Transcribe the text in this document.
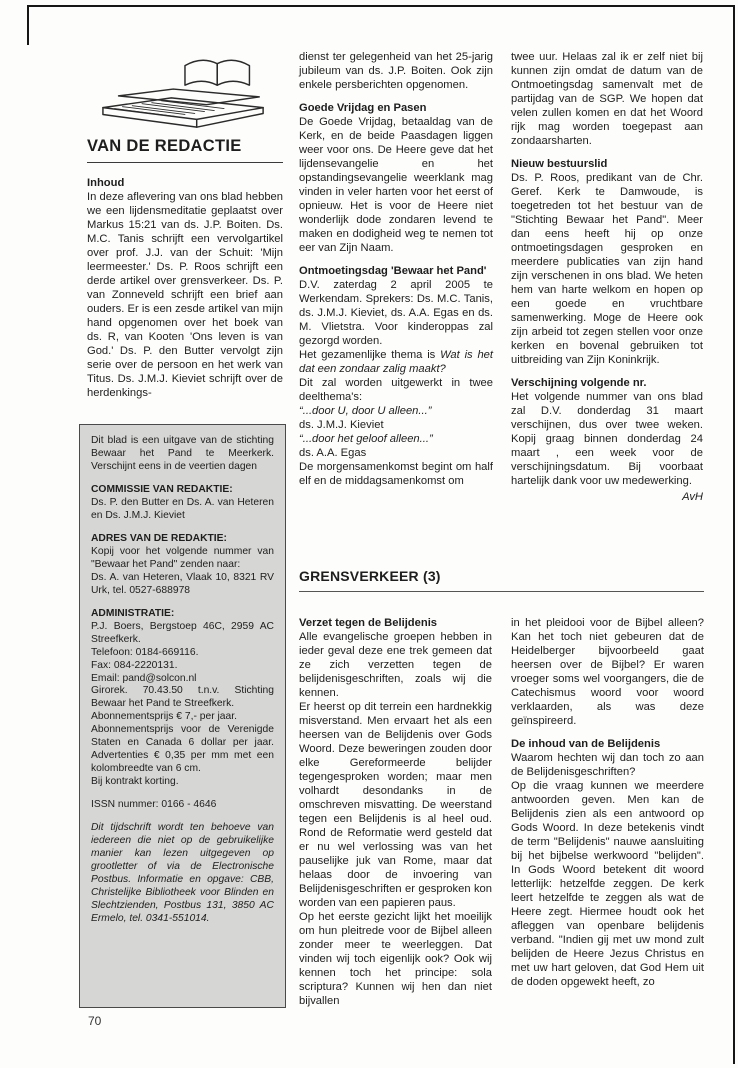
VAN DE REDACTIE

Inhoud

In deze aflevering van ons blad hebben we een lijdensmeditatie geplaatst over Markus 15:21 van ds. J.P. Boiten. Ds. M.C. Tanis schrijft een vervolgartikel over prof. J.J. van der Schuit: 'Mijn leermeester.' Ds. P. Roos schrijft een derde artikel over grensverkeer. Ds. P. van Zonneveld schrijft een brief aan ouders. Er is een zesde artikel van mijn hand opgenomen over het boek van ds. R, van Kooten 'Ons leven is van God.' Ds. P. den Butter vervolgt zijn serie over de persoon en het werk van Titus. Ds. J.M.J. Kieviet schrijft over de herdenkings-

Dit blad is een uitgave van de stichting Bewaar het Pand te Meerkerk. Verschijnt eens in de veertien dagen

COMMISSIE VAN REDAKTIE:

Ds. P. den Butter en Ds. A. van Heteren en Ds. J.M.J. Kieviet

ADRES VAN DE REDAKTIE:

Kopij voor het volgende nummer van "Bewaar het Pand" zenden naar:

Ds. A. van Heteren, Vlaak 10, 8321 RV Urk, tel. 0527-688978

ADMINISTRATIE:

P.J. Boers, Bergstoep 46C, 2959 AC Streefkerk.

Telefoon: 0184-669116.

Fax: 084-2220131.

Email: pand@solcon.nl

Girorek. 70.43.50 t.n.v. Stichting Bewaar het Pand te Streefkerk.

Abonnementsprijs € 7,- per jaar.

Abonnementsprijs voor de Verenigde Staten en Canada 6 dollar per jaar. Advertenties € 0,35 per mm met een kolombreedte van 6 cm.

Bij kontrakt korting.

ISSN nummer: 0166 - 4646

Dit tijdschrift wordt ten behoeve van iedereen die niet op de gebruikelijke manier kan lezen uitgegeven op grootletter of via de Electronische Postbus. Informatie en opgave: CBB, Christelijke Bibliotheek voor Blinden en Slechtzienden, Postbus 131, 3850 AC Ermelo, tel. 0341-551014.

dienst ter gelegenheid van het 25-jarig jubileum van ds. J.P. Boiten. Ook zijn enkele persberichten opgenomen.

Goede Vrijdag en Pasen

De Goede Vrijdag, betaaldag van de Kerk, en de beide Paasdagen liggen weer voor ons. De Heere geve dat het lijdensevangelie en het opstandingsevangelie weerklank mag vinden in veler harten voor het eerst of opnieuw. Het is voor de Heere niet wonderlijk dode zondaren levend te maken en dodigheid weg te nemen tot eer van Zijn Naam.

Ontmoetingsdag 'Bewaar het Pand'

D.V. zaterdag 2 april 2005 te Werkendam. Sprekers: Ds. M.C. Tanis, ds. J.M.J. Kieviet, ds. A.A. Egas en ds. M. Vlietstra. Voor kinderoppas zal gezorgd worden.

Het gezamenlijke thema is Wat is het dat een zondaar zalig maakt?

Dit zal worden uitgewerkt in twee deelthema's:

“...door U, door U alleen...”

ds. J.M.J. Kieviet

“...door het geloof alleen...”

ds. A.A. Egas

De morgensamenkomst begint om half elf en de middagsamenkomst om

twee uur. Helaas zal ik er zelf niet bij kunnen zijn omdat de datum van de Ontmoetingsdag samenvalt met de partijdag van de SGP. We hopen dat velen zullen komen en dat het Woord rijk mag worden toegepast aan zondaarsharten.

Nieuw bestuurslid

Ds. P. Roos, predikant van de Chr. Geref. Kerk te Damwoude, is toegetreden tot het bestuur van de "Stichting Bewaar het Pand". Meer dan eens heeft hij op onze ontmoetingsdagen gesproken en meerdere publicaties van zijn hand zijn verschenen in ons blad. We heten hem van harte welkom en hopen op een goede en vruchtbare samenwerking. Moge de Heere ook zijn arbeid tot zegen stellen voor onze kerken en bovenal gebruiken tot uitbreiding van Zijn Koninkrijk.

Verschijning volgende nr.

Het volgende nummer van ons blad zal D.V. donderdag 31 maart verschijnen, dus over twee weken. Kopij graag binnen donderdag 24 maart , een week voor de verschijningsdatum. Bij voorbaat hartelijk dank voor uw medewerking.

AvH

GRENSVERKEER (3)

Verzet tegen de Belijdenis

Alle evangelische groepen hebben in ieder geval deze ene trek gemeen dat ze zich verzetten tegen de belijdenisgeschriften, zoals wij die kennen.

Er heerst op dit terrein een hardnekkig misverstand. Men ervaart het als een heersen van de Belijdenis over Gods Woord. Deze beweringen zouden door elke Gereformeerde belijder tegengesproken worden; maar men volhardt desondanks in de omschreven misvatting. De weerstand tegen een Belijdenis is al heel oud. Rond de Reformatie werd gesteld dat er nu wel verlossing was van het pauselijke juk van Rome, maar dat helaas door de invoering van Belijdenisgeschriften er gesproken kon worden van een papieren paus.

Op het eerste gezicht lijkt het moeilijk om hun pleitrede voor de Bijbel alleen zonder meer te weerleggen. Dat vinden wij toch eigenlijk ook? Ook wij kennen toch het principe: sola scriptura? Kunnen wij hen dan niet bijvallen

in het pleidooi voor de Bijbel alleen? Kan het toch niet gebeuren dat de Heidelberger bijvoorbeeld gaat heersen over de Bijbel? Er waren vroeger soms wel voorgangers, die de Catechismus woord voor woord verklaarden, als was deze geïnspireerd.

De inhoud van de Belijdenis

Waarom hechten wij dan toch zo aan de Belijdenisgeschriften?

Op die vraag kunnen we meerdere antwoorden geven. Men kan de Belijdenis zien als een antwoord op Gods Woord. In deze betekenis vindt de term "Belijdenis" nauwe aansluiting bij het bijbelse werkwoord "belijden". In Gods Woord betekent dit woord letterlijk: hetzelfde zeggen. De kerk leert hetzelfde te zeggen als wat de Heere zegt. Hiermee houdt ook het afleggen van openbare belijdenis verband. "Indien gij met uw mond zult belijden de Heere Jezus Christus en met uw hart geloven, dat God Hem uit de doden opgewekt heeft, zo

70
